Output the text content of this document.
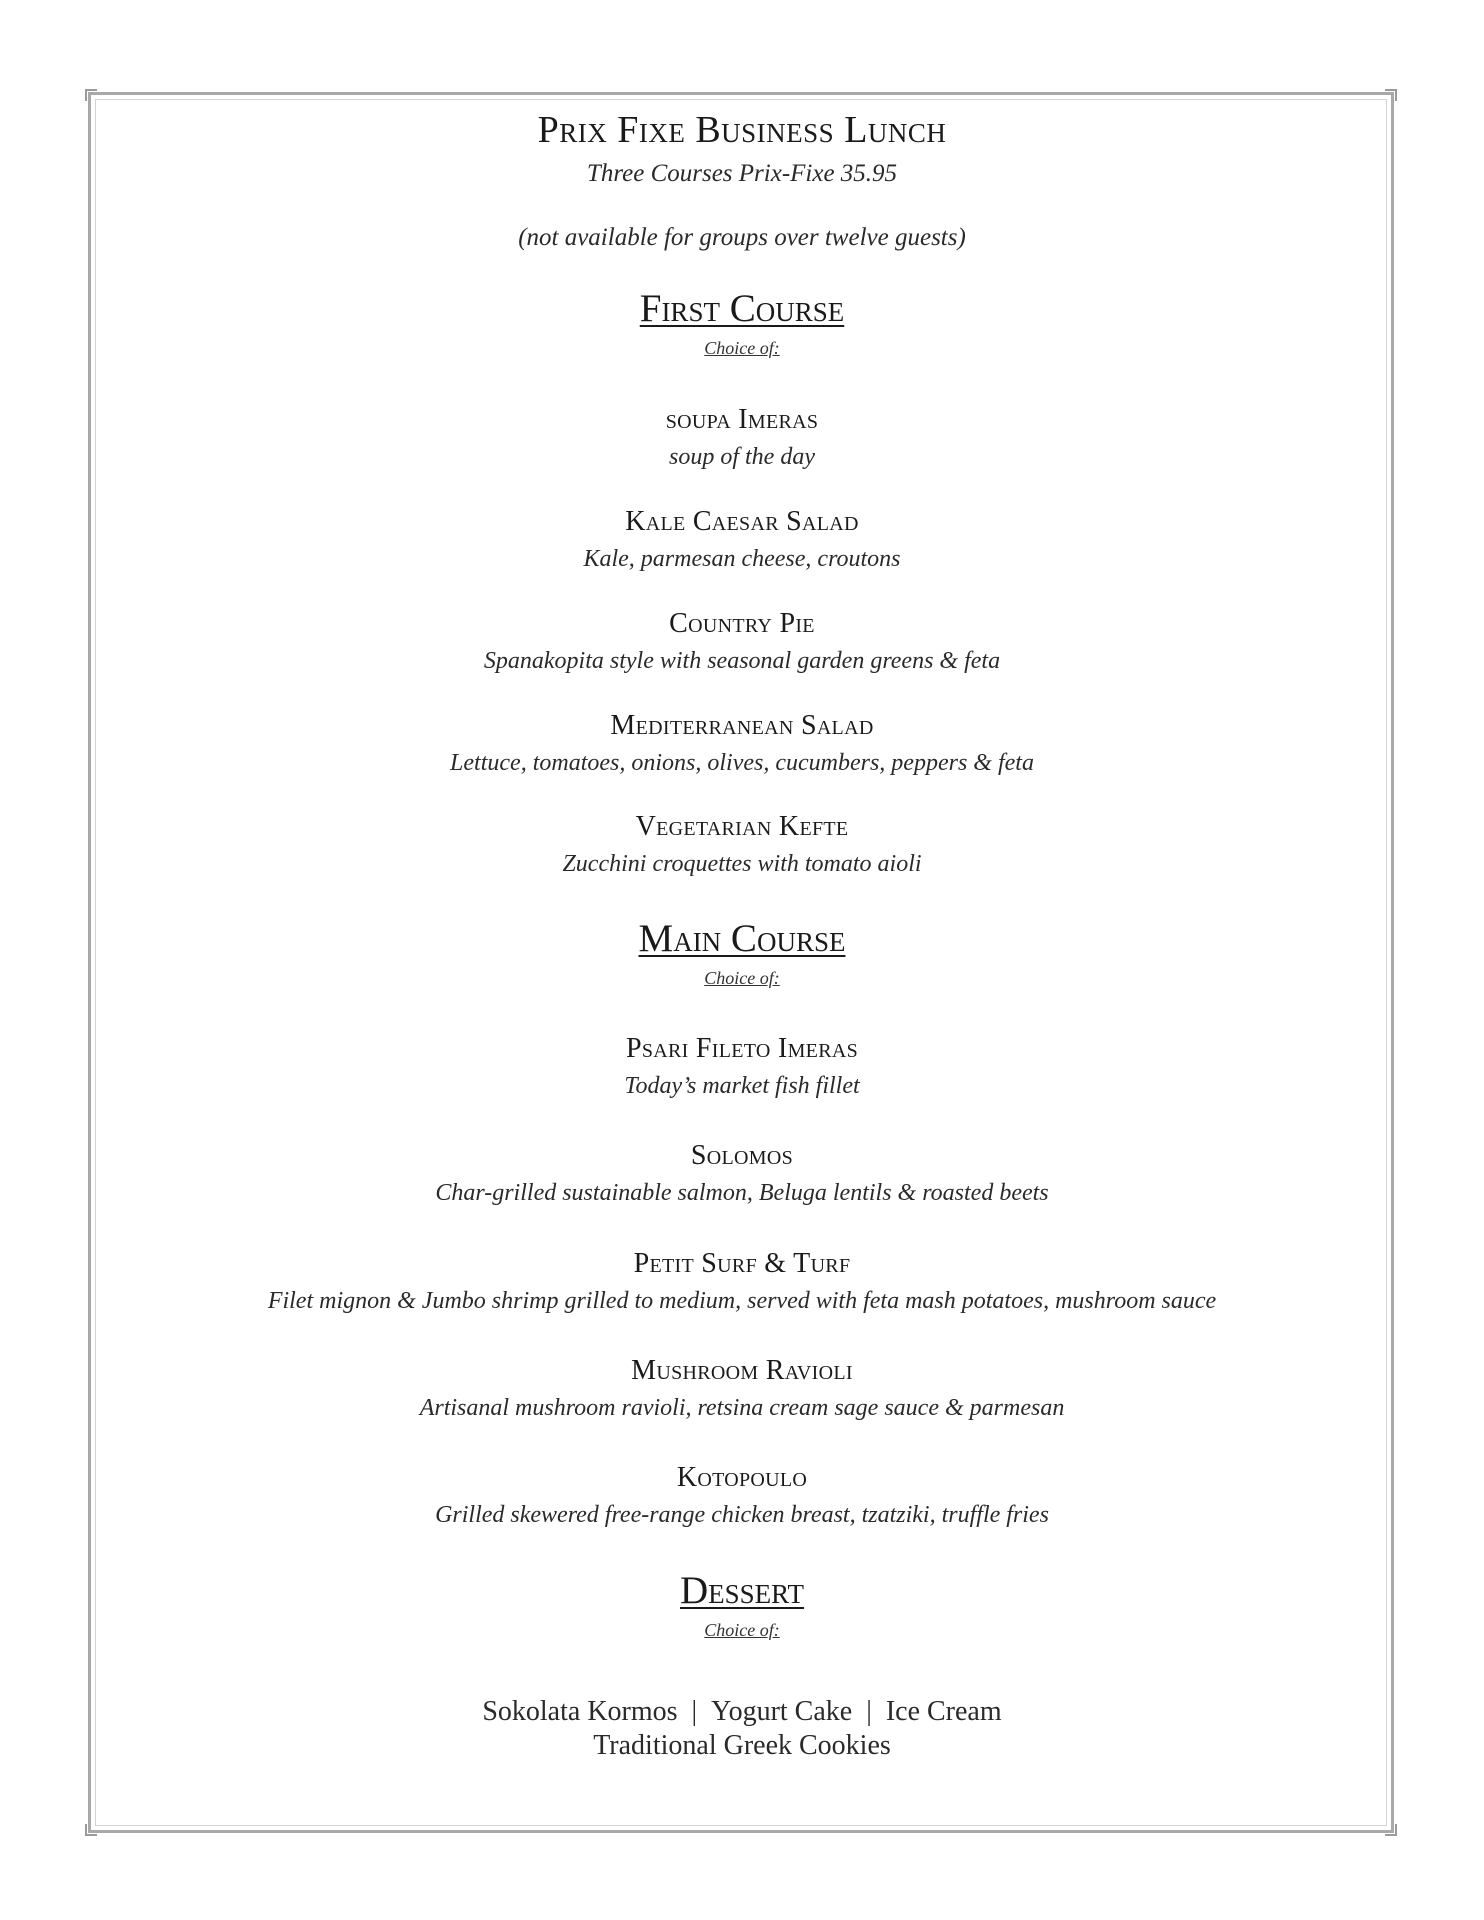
Prix Fixe Business Lunch
Three Courses Prix-Fixe 35.95
(not available for groups over twelve guests)
First Course
Choice of:
soupa Imeras
soup of the day
Kale Caesar Salad
Kale, parmesan cheese, croutons
Country Pie
Spanakopita style with seasonal garden greens & feta
Mediterranean Salad
Lettuce, tomatoes, onions, olives, cucumbers, peppers & feta
Vegetarian Kefte
Zucchini croquettes with tomato aioli
Main Course
Choice of:
Psari Fileto Imeras
Today’s market fish fillet
Solomos
Char-grilled sustainable salmon, Beluga lentils & roasted beets
Petit Surf & Turf
Filet mignon & Jumbo shrimp grilled to medium, served with feta mash potatoes, mushroom sauce
Mushroom Ravioli
Artisanal mushroom ravioli, retsina cream sage sauce & parmesan
Kotopoulo
Grilled skewered free-range chicken breast, tzatziki, truffle fries
Dessert
Choice of:
Sokolata Kormos | Yogurt Cake | Ice Cream
Traditional Greek Cookies
